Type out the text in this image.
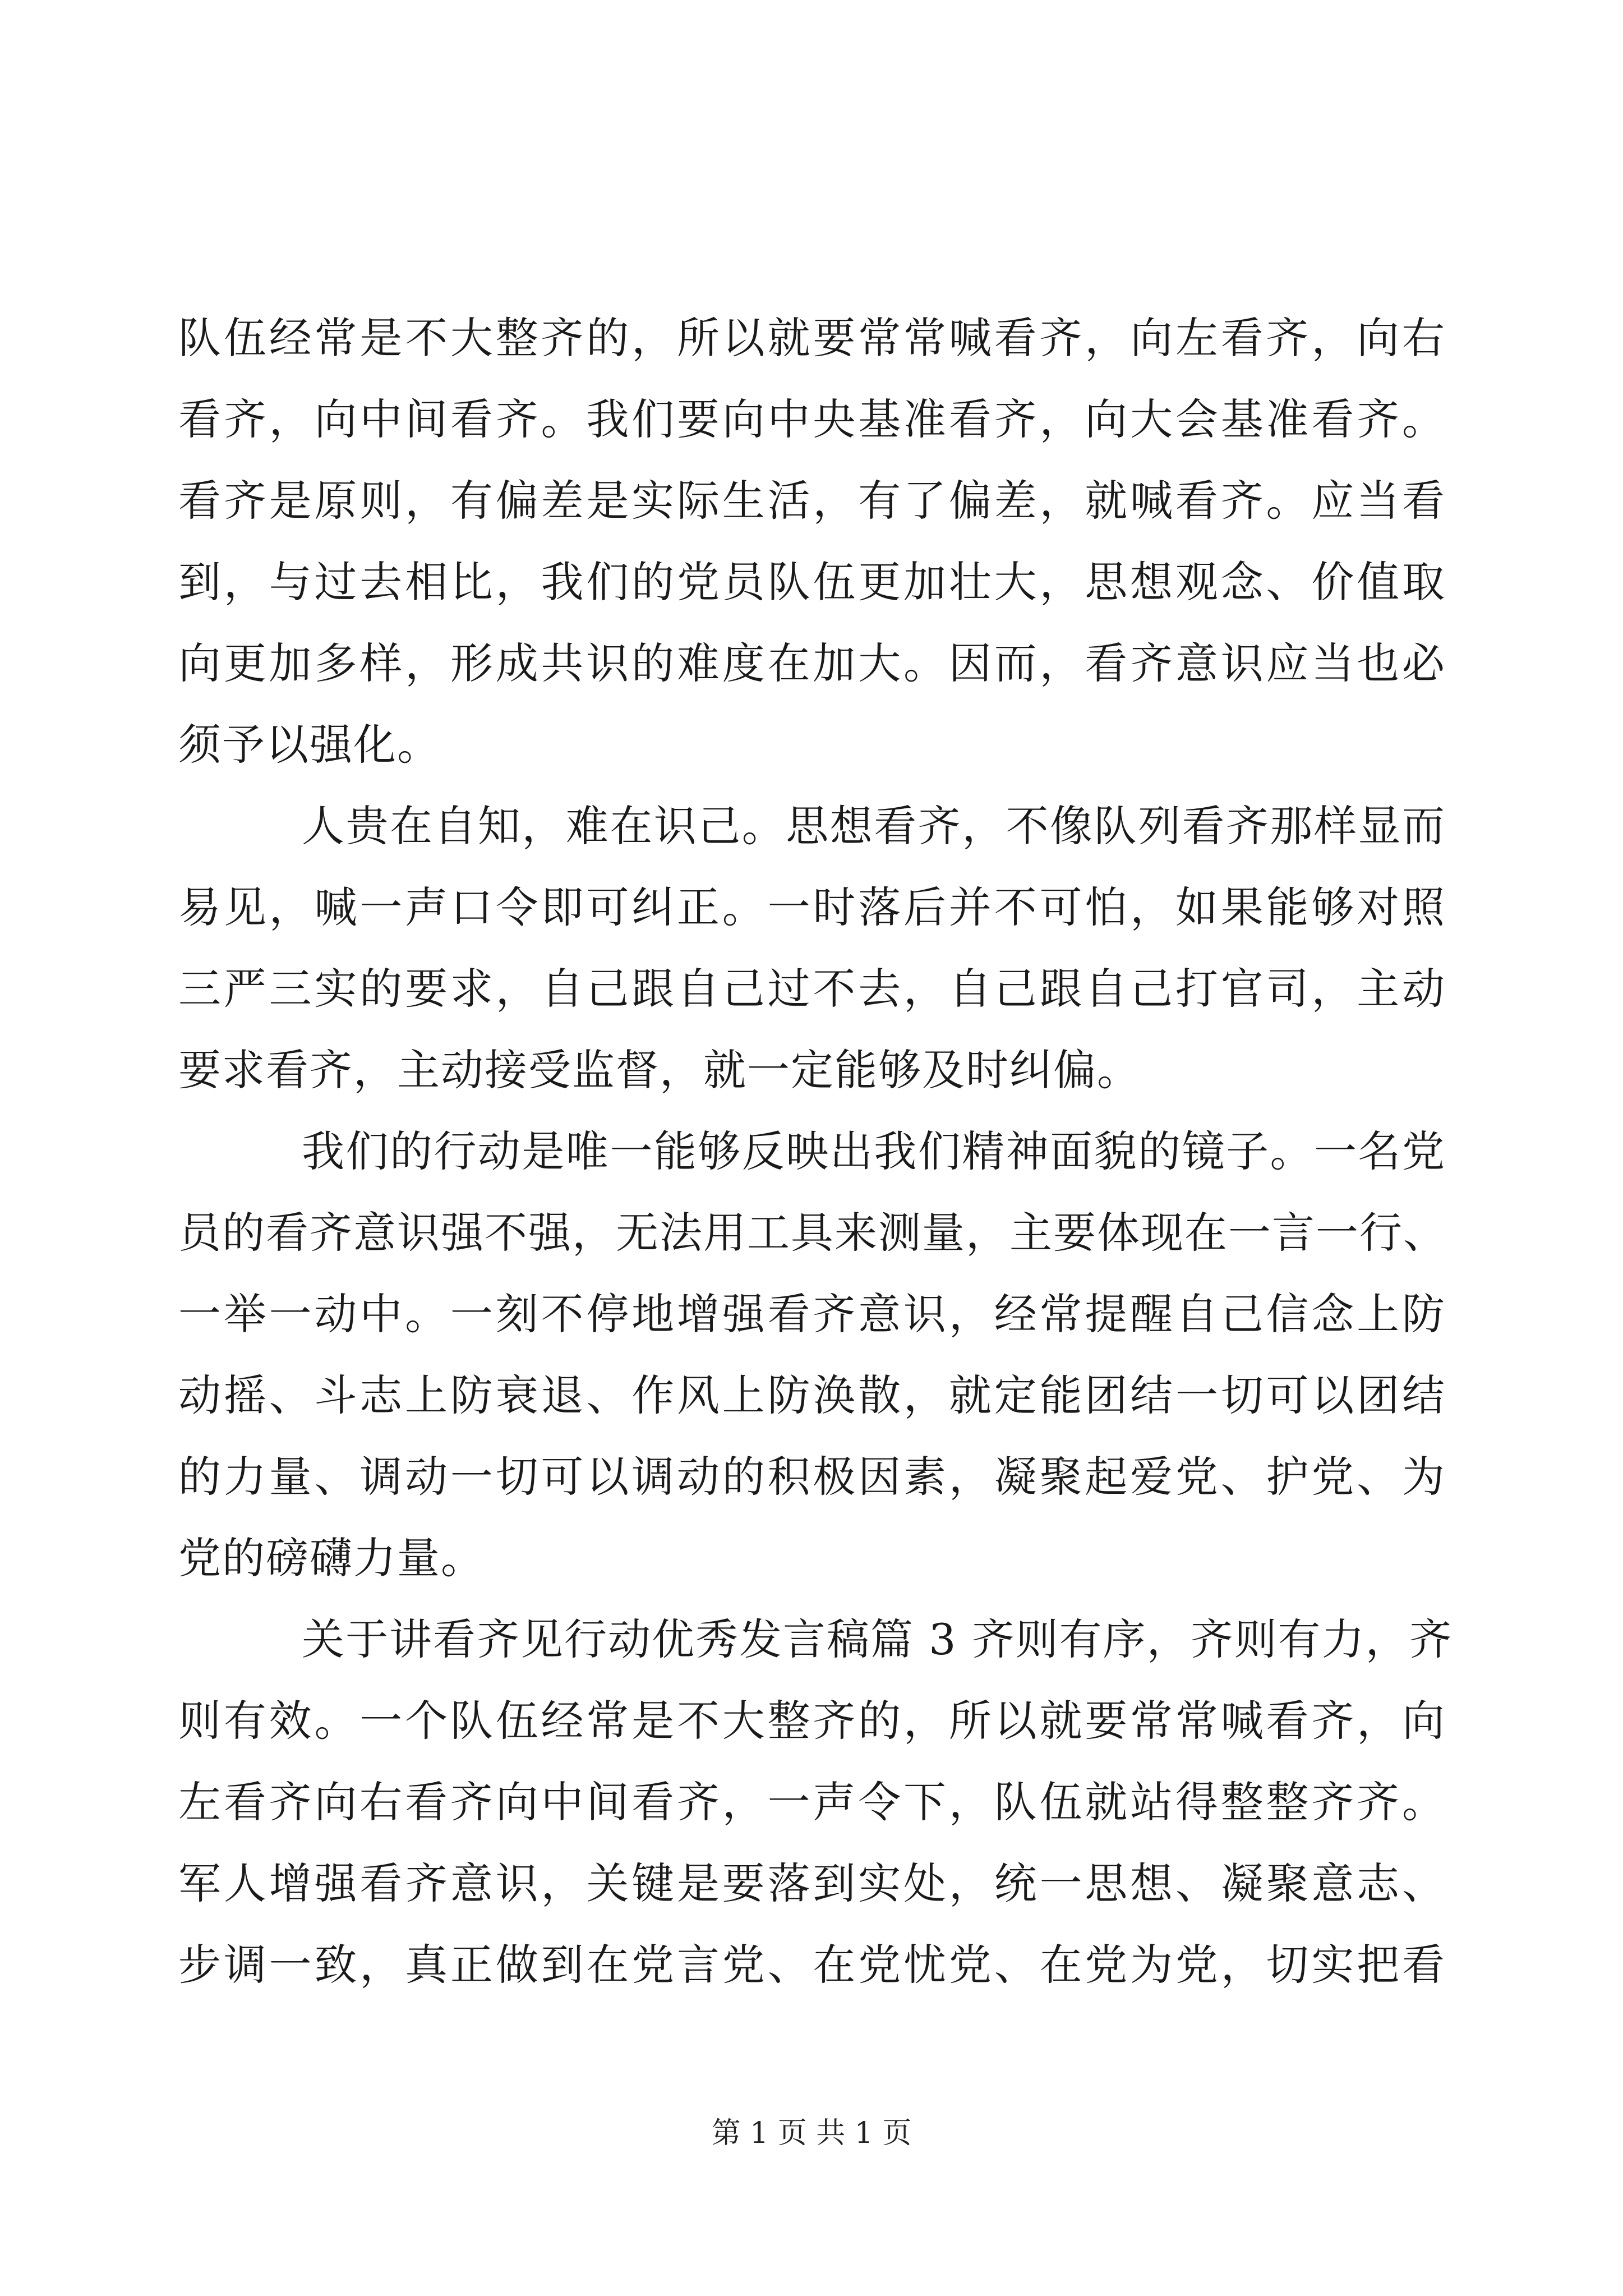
队伍经常是不大整齐的，所以就要常常喊看齐，向左看齐，向右
看齐，向中间看齐。我们要向中央基准看齐，向大会基准看齐。
看齐是原则，有偏差是实际生活，有了偏差，就喊看齐。应当看
到，与过去相比，我们的党员队伍更加壮大，思想观念、价值取
向更加多样，形成共识的难度在加大。因而，看齐意识应当也必
须予以强化。
人贵在自知，难在识己。思想看齐，不像队列看齐那样显而
易见，喊一声口令即可纠正。一时落后并不可怕，如果能够对照
三严三实的要求，自己跟自己过不去，自己跟自己打官司，主动
要求看齐，主动接受监督，就一定能够及时纠偏。
我们的行动是唯一能够反映出我们精神面貌的镜子。一名党
员的看齐意识强不强，无法用工具来测量，主要体现在一言一行、
一举一动中。一刻不停地增强看齐意识，经常提醒自己信念上防
动摇、斗志上防衰退、作风上防涣散，就定能团结一切可以团结
的力量、调动一切可以调动的积极因素，凝聚起爱党、护党、为
党的磅礴力量。
关于讲看齐见行动优秀发言稿篇 3 齐则有序，齐则有力，齐
则有效。一个队伍经常是不大整齐的，所以就要常常喊看齐，向
左看齐向右看齐向中间看齐，一声令下，队伍就站得整整齐齐。
军人增强看齐意识，关键是要落到实处，统一思想、凝聚意志、
步调一致，真正做到在党言党、在党忧党、在党为党，切实把看
第 1 页 共 1 页
